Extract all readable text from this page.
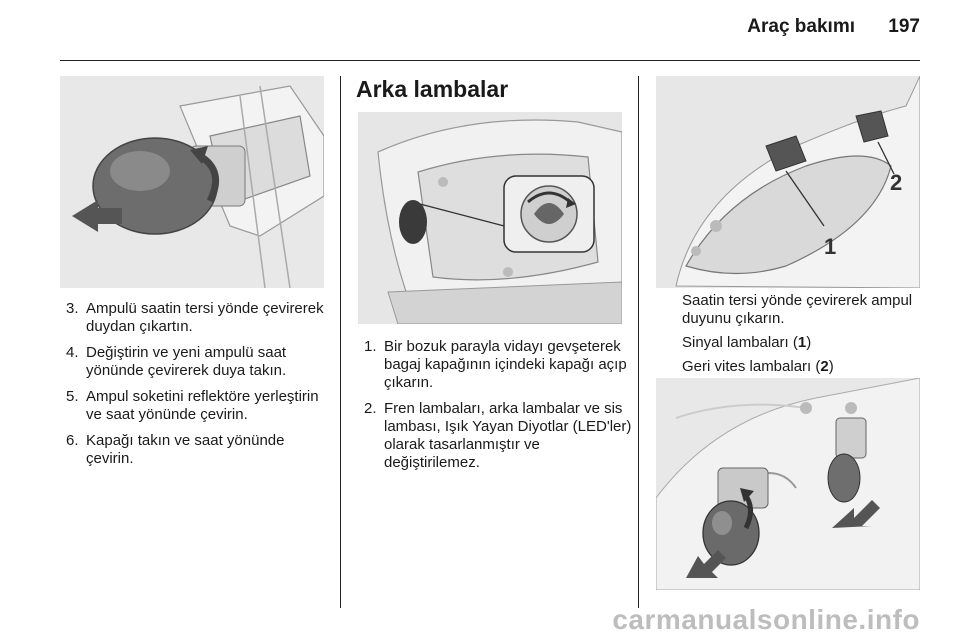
Araç bakımı 197
3. Ampulü saatin tersi yönde çevirerek duydan çıkartın.
4. Değiştirin ve yeni ampulü saat yönünde çevirerek duya takın.
5. Ampul soketini reflektöre yerleştirin ve saat yönünde çevirin.
6. Kapağı takın ve saat yönünde çevirin.
Arka lambalar
1. Bir bozuk parayla vidayı gevşeterek bagaj kapağının içindeki kapağı açıp çıkarın.
2. Fren lambaları, arka lambalar ve sis lambası, Işık Yayan Diyotlar (LED'ler) olarak tasarlanmıştır ve değiştirilemez.
1
2

Saatin tersi yönde çevirerek ampul duyunu çıkarın.

Sinyal lambaları (1)

Geri vites lambaları (2)

carmanualsonline.info
